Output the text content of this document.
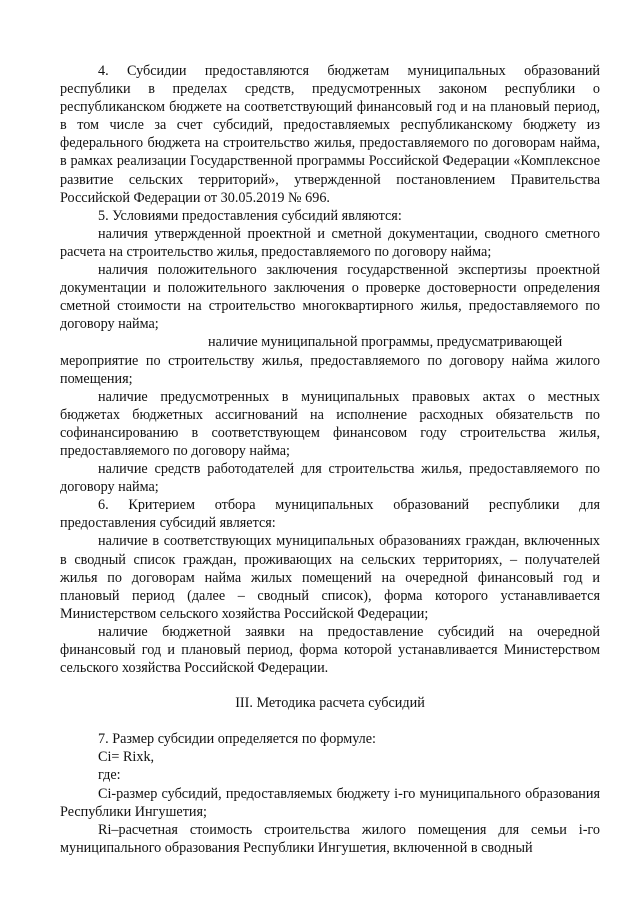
4. Субсидии предоставляются бюджетам муниципальных образований республики в пределах средств, предусмотренных законом республики о республиканском бюджете на соответствующий финансовый год и на плановый период, в том числе за счет субсидий, предоставляемых республиканскому бюджету из федерального бюджета на строительство жилья, предоставляемого по договорам найма, в рамках реализации Государственной программы Российской Федерации «Комплексное развитие сельских территорий», утвержденной постановлением Правительства Российской Федерации от 30.05.2019 № 696.

5. Условиями предоставления субсидий являются:

наличия утвержденной проектной и сметной документации, сводного сметного расчета на строительство жилья, предоставляемого по договору найма;

наличия положительного заключения государственной экспертизы проектной документации и положительного заключения о проверке достоверности определения сметной стоимости на строительство многоквартирного жилья, предоставляемого по договору найма;

наличие муниципальной программы, предусматривающей

мероприятие по строительству жилья, предоставляемого по договору найма жилого помещения;

наличие предусмотренных в муниципальных правовых актах о местных бюджетах бюджетных ассигнований на исполнение расходных обязательств по софинансированию в соответствующем финансовом году строительства жилья, предоставляемого по договору найма;

наличие средств работодателей для строительства жилья, предоставляемого по договору найма;

6. Критерием отбора муниципальных образований республики для предоставления субсидий является:

наличие в соответствующих муниципальных образованиях граждан, включенных в сводный список граждан, проживающих на сельских территориях, – получателей жилья по договорам найма жилых помещений на очередной финансовый год и плановый период (далее – сводный список), форма которого устанавливается Министерством сельского хозяйства Российской Федерации;

наличие бюджетной заявки на предоставление субсидий на очередной финансовый год и плановый период, форма которой устанавливается Министерством сельского хозяйства Российской Федерации.

III. Методика расчета субсидий

7. Размер субсидии определяется по формуле:

Ci= Rixk,

где:

Ci-размер субсидий, предоставляемых бюджету i-го муниципального образования Республики Ингушетия;

Ri–расчетная стоимость строительства жилого помещения для семьи i-го муниципального образования Республики Ингушетия, включенной в сводный
